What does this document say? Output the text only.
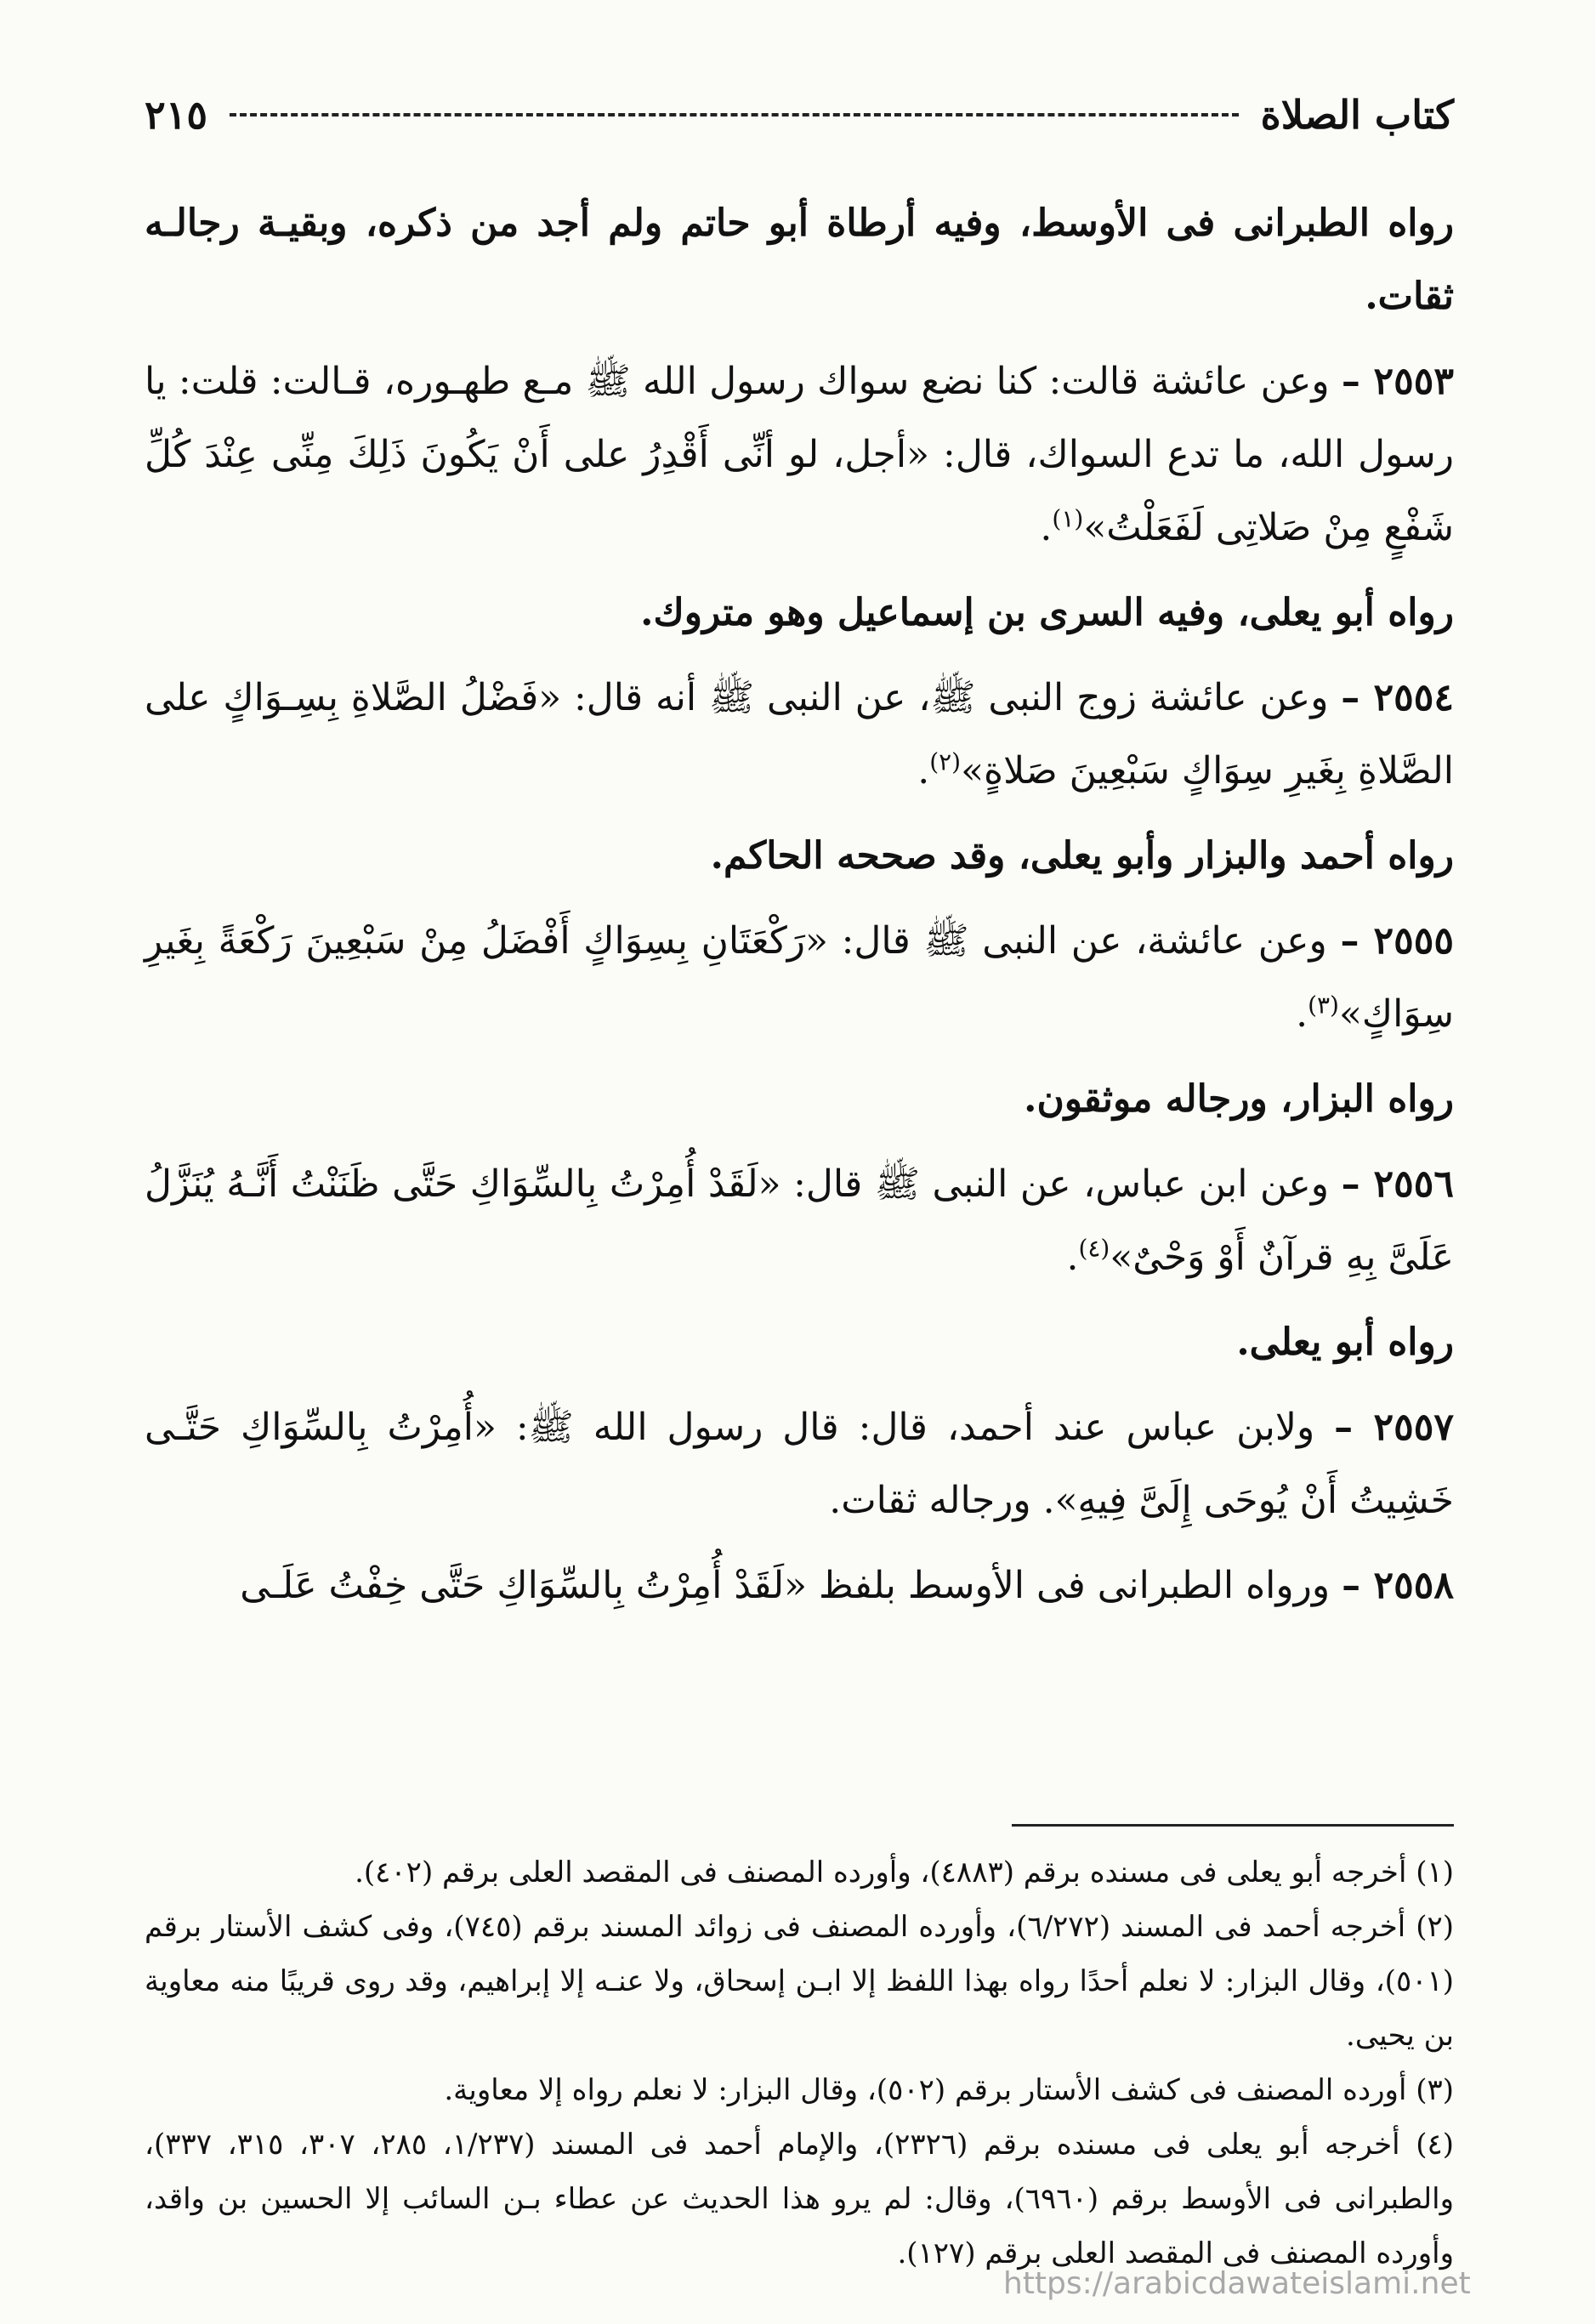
كتاب الصلاة
٢١٥

رواه الطبرانى فى الأوسط، وفيه أرطاة أبو حاتم ولم أجد من ذكره، وبقيـة رجالـه ثقات.

٢٥٥٣ – وعن عائشة قالت: كنا نضع سواك رسول الله ﷺ مـع طهـوره، قـالت: قلت: يا رسول الله، ما تدع السواك، قال: «أجل، لو أنِّى أَقْدِرُ على أَنْ يَكُونَ ذَلِكَ مِنِّى عِنْدَ كُلِّ شَفْعٍ مِنْ صَلاتِى لَفَعَلْتُ»$^{(١)}$.

رواه أبو يعلى، وفيه السرى بن إسماعيل وهو متروك.

٢٥٥٤ – وعن عائشة زوج النبى ﷺ، عن النبى ﷺ أنه قال: «فَضْلُ الصَّلاةِ بِسِـوَاكٍ على الصَّلاةِ بِغَيرِ سِوَاكٍ سَبْعِينَ صَلاةٍ»$^{(٢)}$.

رواه أحمد والبزار وأبو يعلى، وقد صححه الحاكم.

٢٥٥٥ – وعن عائشة، عن النبى ﷺ قال: «رَكْعَتَانِ بِسِوَاكٍ أَفْضَلُ مِنْ سَبْعِينَ رَكْعَةً بِغَيرِ سِوَاكٍ»$^{(٣)}$.

رواه البزار، ورجاله موثقون.

٢٥٥٦ – وعن ابن عباس، عن النبى ﷺ قال: «لَقَدْ أُمِرْتُ بِالسِّوَاكِ حَتَّى ظَنَنْتُ أَنَّـهُ يُنَزَّلُ عَلَىَّ بِهِ قرآنٌ أَوْ وَحْىٌ»$^{(٤)}$.

رواه أبو يعلى.

٢٥٥٧ – ولابن عباس عند أحمد، قال: قال رسول الله ﷺ: «أُمِرْتُ بِالسِّوَاكِ حَتَّـى خَشِيتُ أَنْ يُوحَى إِلَىَّ فِيهِ». ورجاله ثقات.

٢٥٥٨ – ورواه الطبرانى فى الأوسط بلفظ «لَقَدْ أُمِرْتُ بِالسِّوَاكِ حَتَّى خِفْتُ عَلَـى

(١) أخرجه أبو يعلى فى مسنده برقم (٤٨٨٣)، وأورده المصنف فى المقصد العلى برقم (٤٠٢).

(٢) أخرجه أحمد فى المسند (٦/٢٧٢)، وأورده المصنف فى زوائد المسند برقم (٧٤٥)، وفى كشف الأستار برقم (٥٠١)، وقال البزار: لا نعلم أحدًا رواه بهذا اللفظ إلا ابـن إسحاق، ولا عنـه إلا إبراهيم، وقد روى قريبًا منه معاوية بن يحيى.

(٣) أورده المصنف فى كشف الأستار برقم (٥٠٢)، وقال البزار: لا نعلم رواه إلا معاوية.

(٤) أخرجه أبو يعلى فى مسنده برقم (٢٣٢٦)، والإمام أحمد فى المسند (١/٢٣٧، ٢٨٥، ٣٠٧، ٣١٥، ٣٣٧)، والطبرانى فى الأوسط برقم (٦٩٦٠)، وقال: لم يرو هذا الحديث عن عطاء بـن السائب إلا الحسين بن واقد، وأورده المصنف فى المقصد العلى برقم (١٢٧).

https://arabicdawateislami.net
